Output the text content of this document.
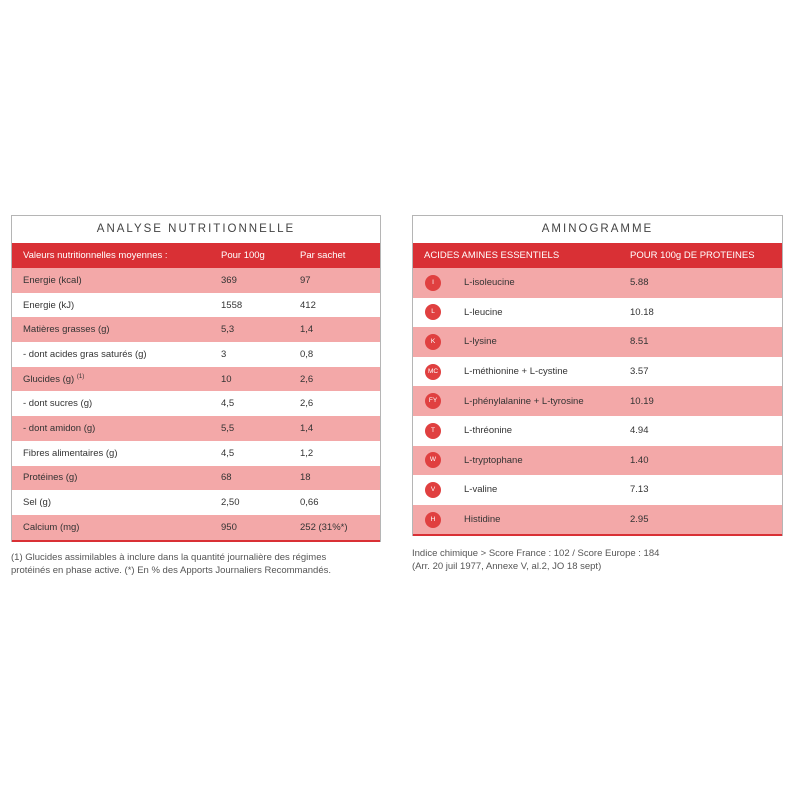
ANALYSE NUTRITIONNELLE
Valeurs nutritionnelles moyennes :	Pour 100g	Par sachet
Energie (kcal)	369	97
Energie (kJ)	1558	412
Matières grasses (g)	5,3	1,4
- dont acides gras saturés (g)	3	0,8
Glucides (g) $^{(1)}$	10	2,6
- dont sucres (g)	4,5	2,6
- dont amidon (g)	5,5	1,4
Fibres alimentaires (g)	4,5	1,2
Protéines (g)	68	18
Sel (g)	2,50	0,66
Calcium (mg)	950	252 (31%*)
(1) Glucides assimilables à inclure dans la quantité journalière des régimes protéinés en phase active. (*) En % des Apports Journaliers Recommandés.
AMINOGRAMME
ACIDES AMINES ESSENTIELS		POUR 100g DE PROTEINES
I	L-isoleucine	5.88
L	L-leucine	10.18
K	L-lysine	8.51
MC	L-méthionine + L-cystine	3.57
FY	L-phénylalanine + L-tyrosine	10.19
T	L-thréonine	4.94
W	L-tryptophane	1.40
V	L-valine	7.13
H	Histidine	2.95
Indice chimique > Score France : 102 / Score Europe : 184
(Arr. 20 juil 1977, Annexe V, al.2, JO 18 sept)
